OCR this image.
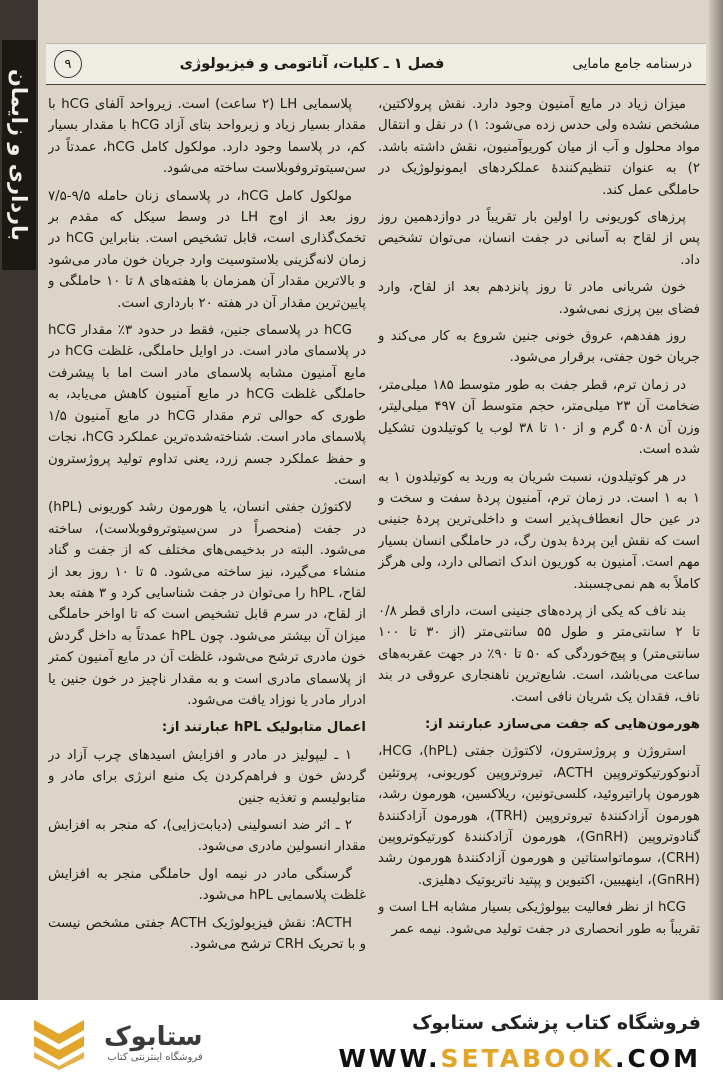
بارداری و زایمان
درسنامه جامع مامایی
فصل ۱ ـ کلیات، آناتومی و فیزیولوژی
۹

میزان زیاد در مایع آمنیون وجود دارد. نقش پرولاکتین، مشخص نشده ولی حدس زده می‌شود: ۱) در نقل و انتقال مواد محلول و آب از میان کوریوآمنیون، نقش داشته باشد. ۲) به عنوان تنظیم‌کنندهٔ عملکردهای ایمونولوژیک در حاملگی عمل کند.

پرزهای کوریونی را اولین بار تقریباً در دوازدهمین روز پس از لقاح به آسانی در جفت انسان، می‌توان تشخیص داد.

خون شریانی مادر تا روز پانزدهم بعد از لقاح، وارد فضای بین پرزی نمی‌شود.

روز هفدهم، عروق خونی جنین شروع به کار می‌کند و جریان خون جفتی، برقرار می‌شود.

در زمان ترم، قطر جفت به طور متوسط ۱۸۵ میلی‌متر، ضخامت آن ۲۳ میلی‌متر، حجم متوسط آن ۴۹۷ میلی‌لیتر، وزن آن ۵۰۸ گرم و از ۱۰ تا ۳۸ لوب یا کوتیلدون تشکیل شده است.

در هر کوتیلدون، نسبت شریان به ورید به کوتیلدون ۱ به ۱ به ۱ است. در زمان ترم، آمنیون پردهٔ سفت و سخت و در عین حال انعطاف‌پذیر است و داخلی‌ترین پردهٔ جنینی است که نقش این پردهٔ بدون رگ، در حاملگی انسان بسیار مهم است. آمنیون به کوریون اندک اتصالی دارد، ولی هرگز کاملاً به هم نمی‌چسبند.

بند ناف که یکی از پرده‌های جنینی است، دارای قطر ۰/۸ تا ۲ سانتی‌متر و طول ۵۵ سانتی‌متر (از ۳۰ تا ۱۰۰ سانتی‌متر) و پیچ‌خوردگی که ۵۰ تا ۹۰٪ در جهت عقربه‌های ساعت می‌باشد، است. شایع‌ترین ناهنجاری عروقی در بند ناف، فقدان یک شریان نافی است.

هورمون‌هایی که جفت می‌سازد عبارتند از:

استروژن و پروژسترون، لاکتوژن جفتی (hPL)، HCG، آدنوکورتیکوتروپین ACTH، تیروتروپین کوریونی، پروتئین هورمون پاراتیروئید، کلسی‌تونین، ریلاکسین، هورمون رشد، هورمون آزادکنندهٔ تیروتروپین (TRH)، هورمون آزادکنندهٔ گنادوتروپین (GnRH)، هورمون آزادکنندهٔ کورتیکوتروپین (CRH)، سوماتواستاتین و هورمون آزادکنندهٔ هورمون رشد (GnRH)، اینهیبین، اکتیوین و پپتید ناتریوتیک دهلیزی.

hCG از نظر فعالیت بیولوژیکی بسیار مشابه LH است و تقریباً به طور انحصاری در جفت تولید می‌شود. نیمه عمر

پلاسمایی LH (۲ ساعت) است. زیرواحد آلفای hCG با مقدار بسیار زیاد و زیرواحد بتای آزاد hCG با مقدار بسیار کم، در پلاسما وجود دارد. مولکول کامل hCG، عمدتاً در سن‌سیتوتروفوبلاست ساخته می‌شود.

مولکول کامل hCG، در پلاسمای زنان حامله ۹/۵-۷/۵ روز بعد از اوج LH در وسط سیکل که مقدم بر تخمک‌گذاری است، قابل تشخیص است. بنابراین hCG در زمان لانه‌گزینی بلاستوسیت وارد جریان خون مادر می‌شود و بالاترین مقدار آن همزمان با هفته‌های ۸ تا ۱۰ حاملگی و پایین‌ترین مقدار آن در هفته ۲۰ بارداری است.

hCG در پلاسمای جنین، فقط در حدود ۳٪ مقدار hCG در پلاسمای مادر است. در اوایل حاملگی، غلظت hCG در مایع آمنیون مشابه پلاسمای مادر است اما با پیشرفت حاملگی غلظت hCG در مایع آمنیون کاهش می‌یابد، به طوری که حوالی ترم مقدار hCG در مایع آمنیون ۱/۵ پلاسمای مادر است. شناخته‌شده‌ترین عملکرد hCG، نجات و حفظ عملکرد جسم زرد، یعنی تداوم تولید پروژسترون است.

لاکتوژن جفتی انسان، یا هورمون رشد کوریونی (hPL) در جفت (منحصراً در سن‌سیتوتروفوبلاست)، ساخته می‌شود. البته در بدخیمی‌های مختلف که از جفت و گناد منشاء می‌گیرد، نیز ساخته می‌شود. ۵ تا ۱۰ روز بعد از لقاح، hPL را می‌توان در جفت شناسایی کرد و ۳ هفته بعد از لقاح، در سرم قابل تشخیص است که تا اواخر حاملگی میزان آن بیشتر می‌شود. چون hPL عمدتاً به داخل گردش خون مادری ترشح می‌شود، غلظت آن در مایع آمنیون کمتر از پلاسمای مادری است و به مقدار ناچیز در خون جنین یا ادرار مادر یا نوزاد یافت می‌شود.

اعمال متابولیک hPL عبارتند از:

۱ ـ لیپولیز در مادر و افزایش اسیدهای چرب آزاد در گردش خون و فراهم‌کردن یک منبع انرژی برای مادر و متابولیسم و تغذیه جنین

۲ ـ اثر ضد انسولینی (دیابت‌زایی)، که منجر به افزایش مقدار انسولین مادری می‌شود.

گرسنگی مادر در نیمه اول حاملگی منجر به افزایش غلظت پلاسمایی hPL می‌شود.

ACTH: نقش فیزیولوژیک ACTH جفتی مشخص نیست و با تحریک CRH ترشح می‌شود.

ستابوک
فروشگاه اینترنتی کتاب
فروشگاه کتاب پزشکی ستابوک
WWW.SETABOOK.COM
